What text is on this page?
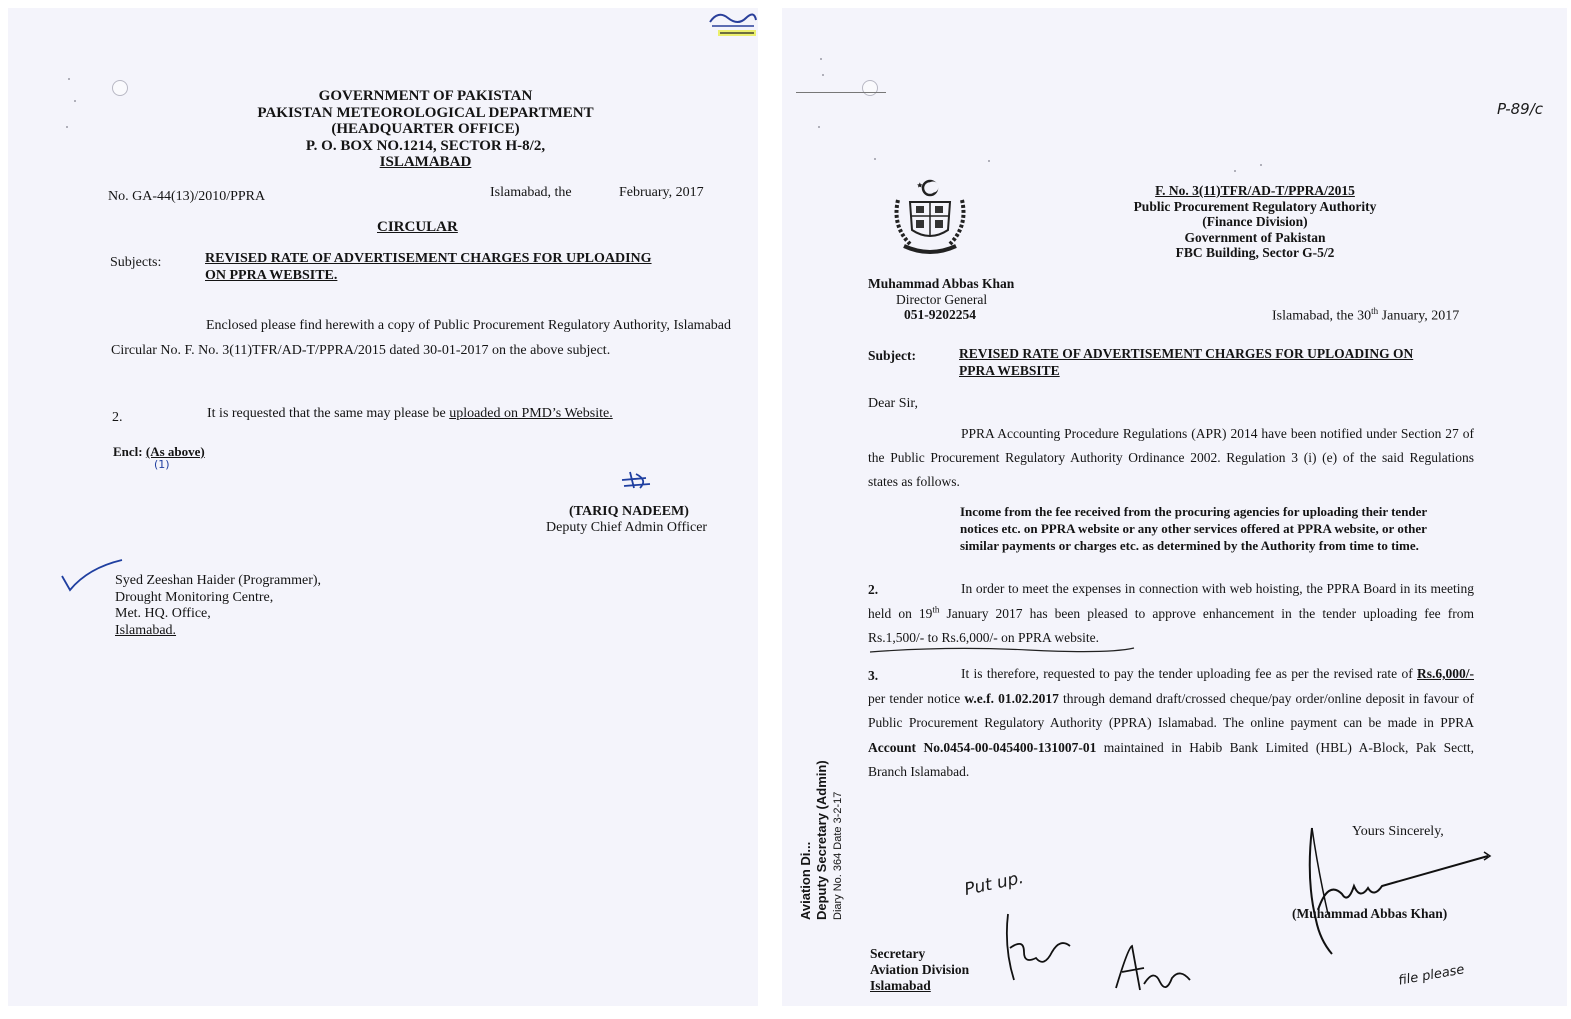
GOVERNMENT OF PAKISTAN
PAKISTAN METEOROLOGICAL DEPARTMENT
(HEADQUARTER OFFICE)
P. O. BOX NO.1214, SECTOR H-8/2,
ISLAMABAD
No. GA-44(13)/2010/PPRA	Islamabad, the	February, 2017
CIRCULAR
Subjects:	REVISED RATE OF ADVERTISEMENT CHARGES FOR UPLOADING
ON PPRA WEBSITE.
Enclosed please find herewith a copy of Public Procurement Regulatory Authority, Islamabad Circular No. F. No. 3(11)TFR/AD-T/PPRA/2015 dated 30-01-2017 on the above subject.
2.	It is requested that the same may please be uploaded on PMD’s Website.
Encl: (As above)
(1)
(TARIQ NADEEM)
Deputy Chief Admin Officer
Syed Zeeshan Haider (Programmer),
Drought Monitoring Centre,
Met. HQ. Office,
Islamabad.
P-89/c
F. No. 3(11)TFR/AD-T/PPRA/2015
Public Procurement Regulatory Authority
(Finance Division)
Government of Pakistan
FBC Building, Sector G-5/2
Muhammad Abbas Khan
Director General
051-9202254	Islamabad, the 30th January, 2017
Subject:	REVISED RATE OF ADVERTISEMENT CHARGES FOR UPLOADING ON
PPRA WEBSITE
Dear Sir,
PPRA Accounting Procedure Regulations (APR) 2014 have been notified under Section 27 of the Public Procurement Regulatory Authority Ordinance 2002. Regulation 3 (i) (e) of the said Regulations states as follows.
Income from the fee received from the procuring agencies for uploading their tender notices etc. on PPRA website or any other services offered at PPRA website, or other similar payments or charges etc. as determined by the Authority from time to time.
2.	In order to meet the expenses in connection with web hoisting, the PPRA Board in its meeting held on 19th January 2017 has been pleased to approve enhancement in the tender uploading fee from Rs.1,500/- to Rs.6,000/- on PPRA website.
3.	It is therefore, requested to pay the tender uploading fee as per the revised rate of Rs.6,000/- per tender notice w.e.f. 01.02.2017 through demand draft/crossed cheque/pay order/online deposit in favour of Public Procurement Regulatory Authority (PPRA) Islamabad. The online payment can be made in PPRA Account No.0454-00-045400-131007-01 maintained in Habib Bank Limited (HBL) A-Block, Pak Sectt, Branch Islamabad.
Yours Sincerely,
(Muhammad Abbas Khan)
Aviation Di... Deputy Secretary (Admin) Diary No. 364 Date 3-2-17	Put up.
Secretary
Aviation Division
Islamabad	file please
